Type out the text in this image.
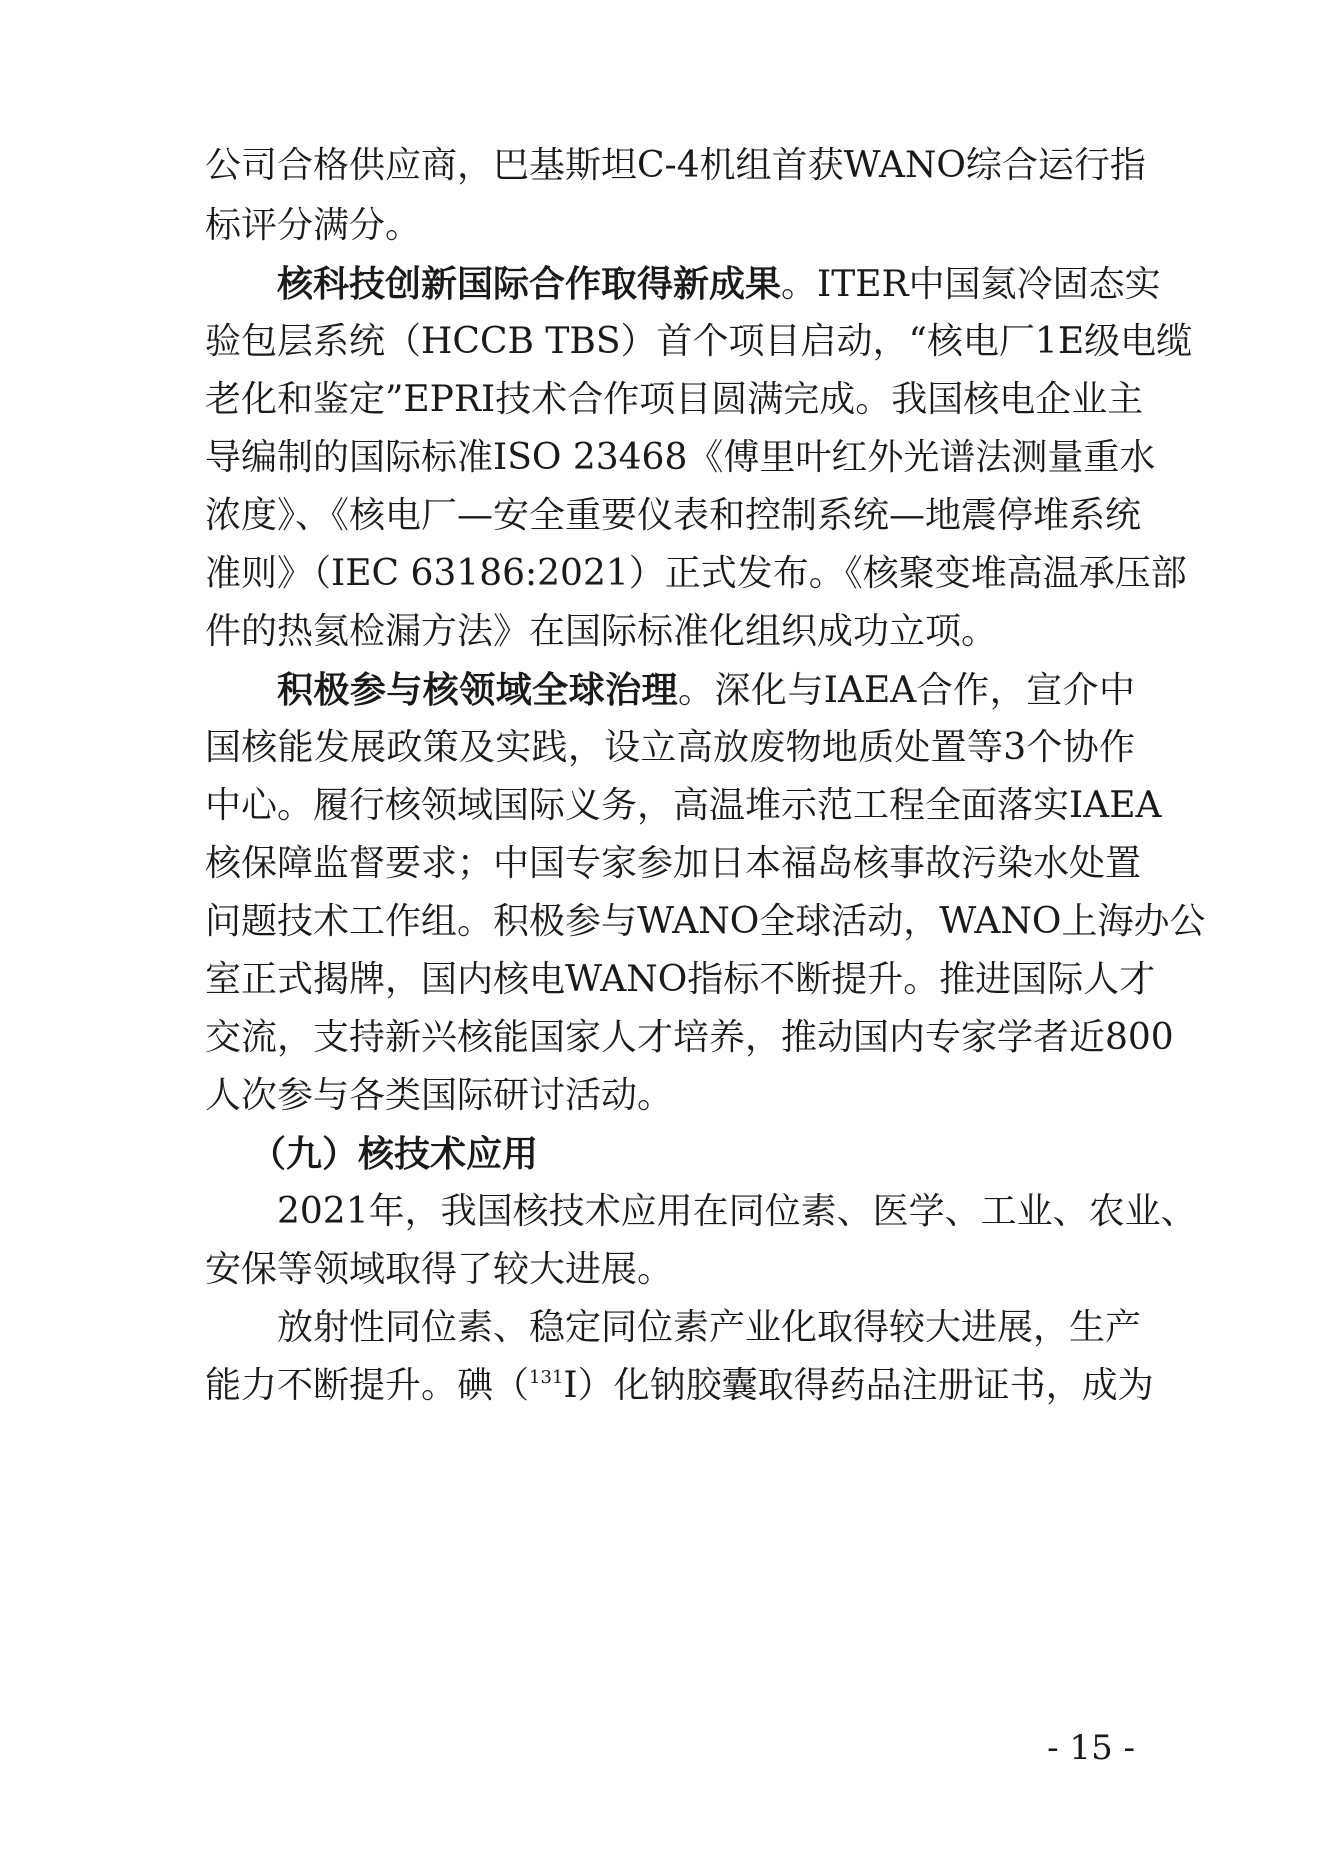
公司合格供应商，巴基斯坦C-4机组首获WANO综合运行指
标评分满分。
核科技创新国际合作取得新成果。ITER中国氦冷固态实
验包层系统（HCCB TBS）首个项目启动，“核电厂1E级电缆
老化和鉴定”EPRI技术合作项目圆满完成。我国核电企业主
导编制的国际标准ISO 23468《傅里叶红外光谱法测量重水
浓度》、《核电厂—安全重要仪表和控制系统—地震停堆系统
准则》（IEC 63186:2021）正式发布。《核聚变堆高温承压部
件的热氦检漏方法》在国际标准化组织成功立项。
积极参与核领域全球治理。深化与IAEA合作，宣介中
国核能发展政策及实践，设立高放废物地质处置等3个协作
中心。履行核领域国际义务，高温堆示范工程全面落实IAEA
核保障监督要求；中国专家参加日本福岛核事故污染水处置
问题技术工作组。积极参与WANO全球活动，WANO上海办公
室正式揭牌，国内核电WANO指标不断提升。推进国际人才
交流，支持新兴核能国家人才培养，推动国内专家学者近800
人次参与各类国际研讨活动。
（九）核技术应用
2021年，我国核技术应用在同位素、医学、工业、农业、
安保等领域取得了较大进展。
放射性同位素、稳定同位素产业化取得较大进展，生产
能力不断提升。碘（$^{131}$I）化钠胶囊取得药品注册证书，成为
- 15 -
